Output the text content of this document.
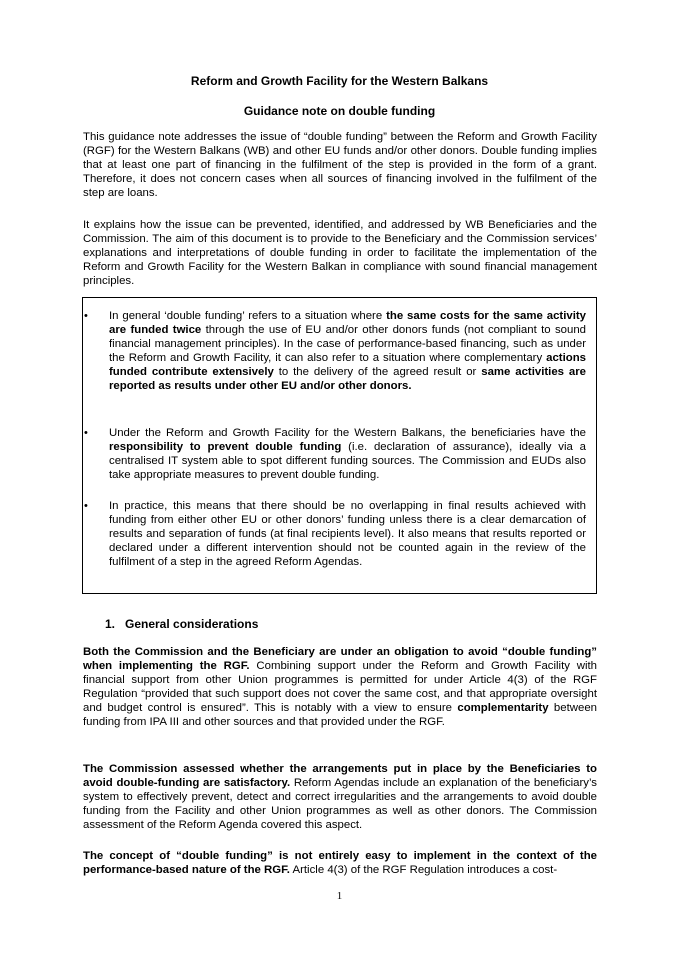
Reform and Growth Facility for the Western Balkans
Guidance note on double funding

This guidance note addresses the issue of “double funding” between the Reform and Growth Facility (RGF) for the Western Balkans (WB) and other EU funds and/or other donors. Double funding implies that at least one part of financing in the fulfilment of the step is provided in the form of a grant. Therefore, it does not concern cases when all sources of financing involved in the fulfilment of the step are loans.

It explains how the issue can be prevented, identified, and addressed by WB Beneficiaries and the Commission. The aim of this document is to provide to the Beneficiary and the Commission services’ explanations and interpretations of double funding in order to facilitate the implementation of the Reform and Growth Facility for the Western Balkan in compliance with sound financial management principles.

•	In general ‘double funding’ refers to a situation where the same costs for the same activity are funded twice through the use of EU and/or other donors funds (not compliant to sound financial management principles). In the case of performance-based financing, such as under the Reform and Growth Facility, it can also refer to a situation where complementary actions funded contribute extensively to the delivery of the agreed result or same activities are reported as results under other EU and/or other donors.

•	Under the Reform and Growth Facility for the Western Balkans, the beneficiaries have the responsibility to prevent double funding (i.e. declaration of assurance), ideally via a centralised IT system able to spot different funding sources. The Commission and EUDs also take appropriate measures to prevent double funding.

•	In practice, this means that there should be no overlapping in final results achieved with funding from either other EU or other donors’ funding unless there is a clear demarcation of results and separation of funds (at final recipients level). It also means that results reported or declared under a different intervention should not be counted again in the review of the fulfilment of a step in the agreed Reform Agendas.

1. General considerations

Both the Commission and the Beneficiary are under an obligation to avoid “double funding” when implementing the RGF. Combining support under the Reform and Growth Facility with financial support from other Union programmes is permitted for under Article 4(3) of the RGF Regulation “provided that such support does not cover the same cost, and that appropriate oversight and budget control is ensured”. This is notably with a view to ensure complementarity between funding from IPA III and other sources and that provided under the RGF.

The Commission assessed whether the arrangements put in place by the Beneficiaries to avoid double-funding are satisfactory. Reform Agendas include an explanation of the beneficiary’s system to effectively prevent, detect and correct irregularities and the arrangements to avoid double funding from the Facility and other Union programmes as well as other donors. The Commission assessment of the Reform Agenda covered this aspect.

The concept of “double funding” is not entirely easy to implement in the context of the performance-based nature of the RGF. Article 4(3) of the RGF Regulation introduces a cost-

1
